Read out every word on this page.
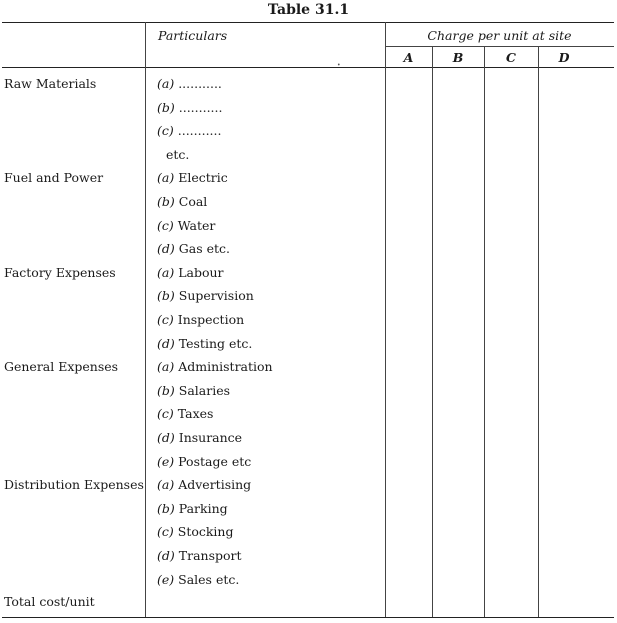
Table 31.1
Particulars	Charge per unit at site
A	B	C	D
•
Raw Materials	(a) ...........
(b) ...........
(c) ...........
etc.
Fuel and Power	(a) Electric
(b) Coal
(c) Water
(d) Gas etc.
Factory Expenses	(a) Labour
(b) Supervision
(c) Inspection
(d) Testing etc.
General Expenses	(a) Administration
(b) Salaries
(c) Taxes
(d) Insurance
(e) Postage etc
Distribution Expenses (a) Advertising
(b) Parking
(c) Stocking
(d) Transport
(e) Sales etc.
Total cost/unit
